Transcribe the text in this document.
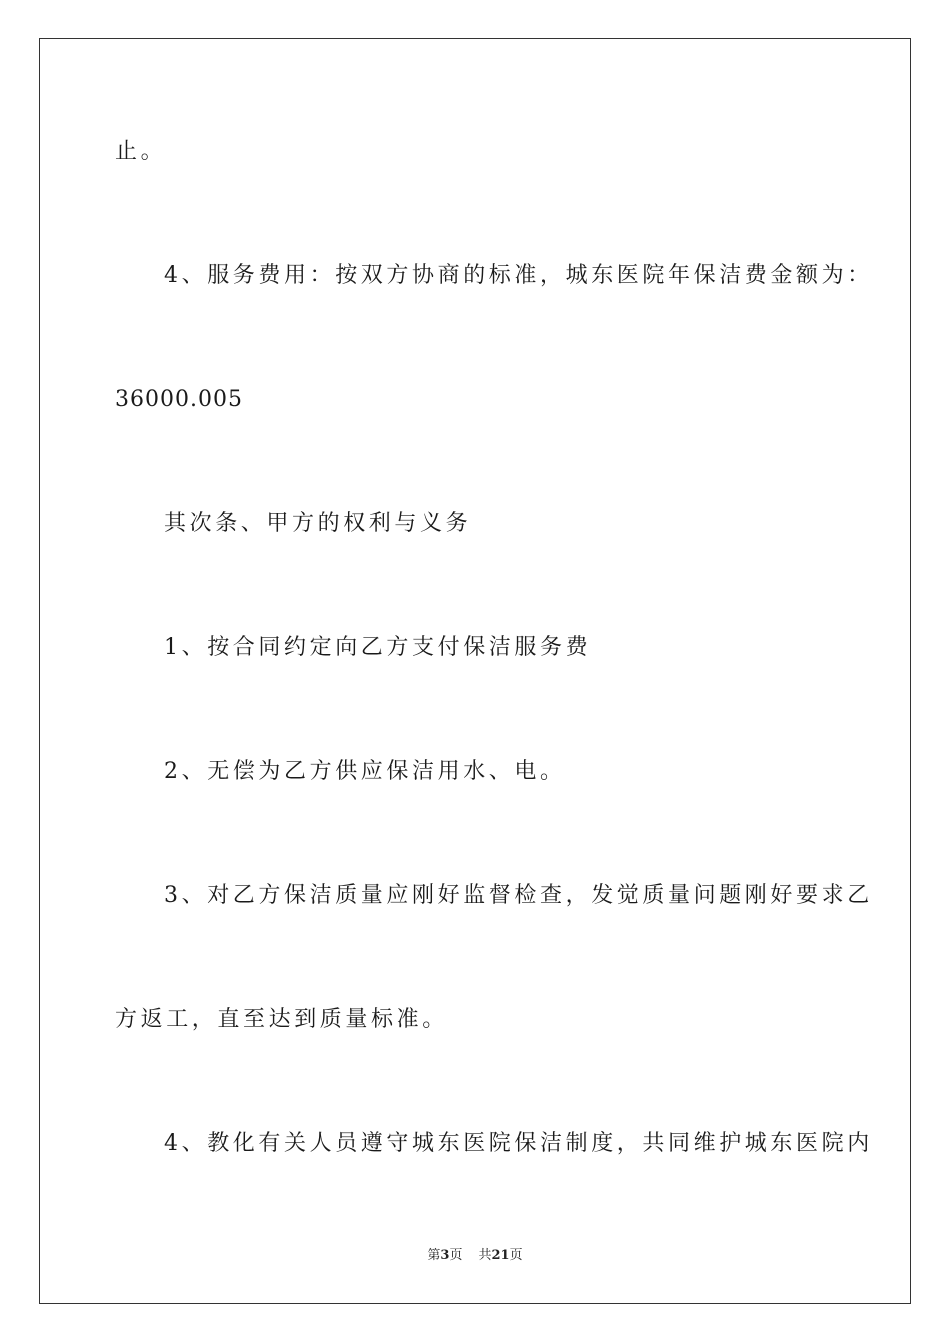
止。
4、服务费用：按双方协商的标准，城东医院年保洁费金额为：
36000.005
其次条、甲方的权利与义务
1、按合同约定向乙方支付保洁服务费
2、无偿为乙方供应保洁用水、电。
3、对乙方保洁质量应刚好监督检查，发觉质量问题刚好要求乙
方返工，直至达到质量标准。
4、教化有关人员遵守城东医院保洁制度，共同维护城东医院内
第3页 共21页
